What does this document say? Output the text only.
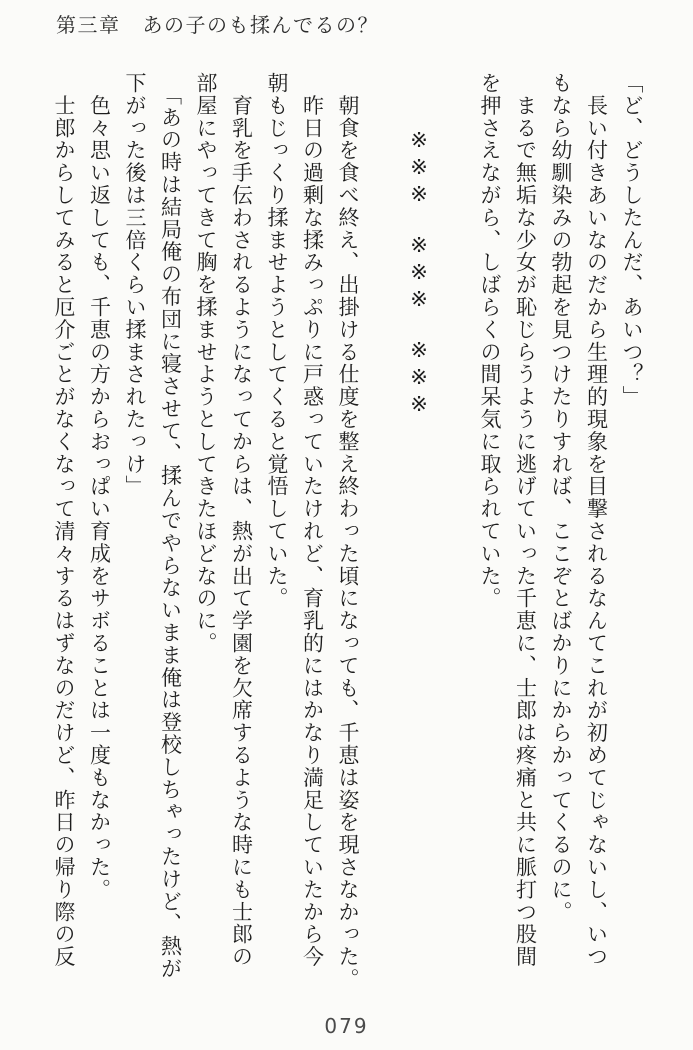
第三章 あの子のも揉んでるの？
「ど、どうしたんだ、あいつ？」
　長い付きあいなのだから生理的現象を目撃されるなんてこれが初めてじゃないし、いつ
もなら幼馴染みの勃起を見つけたりすれば、ここぞとばかりにからかってくるのに。
　まるで無垢な少女が恥じらうように逃げていった千恵に、士郎は疼痛と共に脈打つ股間
を押さえながら、しばらくの間呆気に取られていた。
※※※　※※※　※※※
　朝食を食べ終え、出掛ける仕度を整え終わった頃になっても、千恵は姿を現さなかった。
　昨日の過剰な揉みっぷりに戸惑っていたけれど、育乳的にはかなり満足していたから今
朝もじっくり揉ませようとしてくると覚悟していた。
　育乳を手伝わされるようになってからは、熱が出て学園を欠席するような時にも士郎の
部屋にやってきて胸を揉ませようとしてきたほどなのに。
　「あの時は結局俺の布団に寝させて、揉んでやらないまま俺は登校しちゃったけど、熱が
下がった後は三倍くらい揉まされたっけ」
　色々思い返しても、千恵の方からおっぱい育成をサボることは一度もなかった。
　士郎からしてみると厄介ごとがなくなって清々するはずなのだけど、昨日の帰り際の反
079
